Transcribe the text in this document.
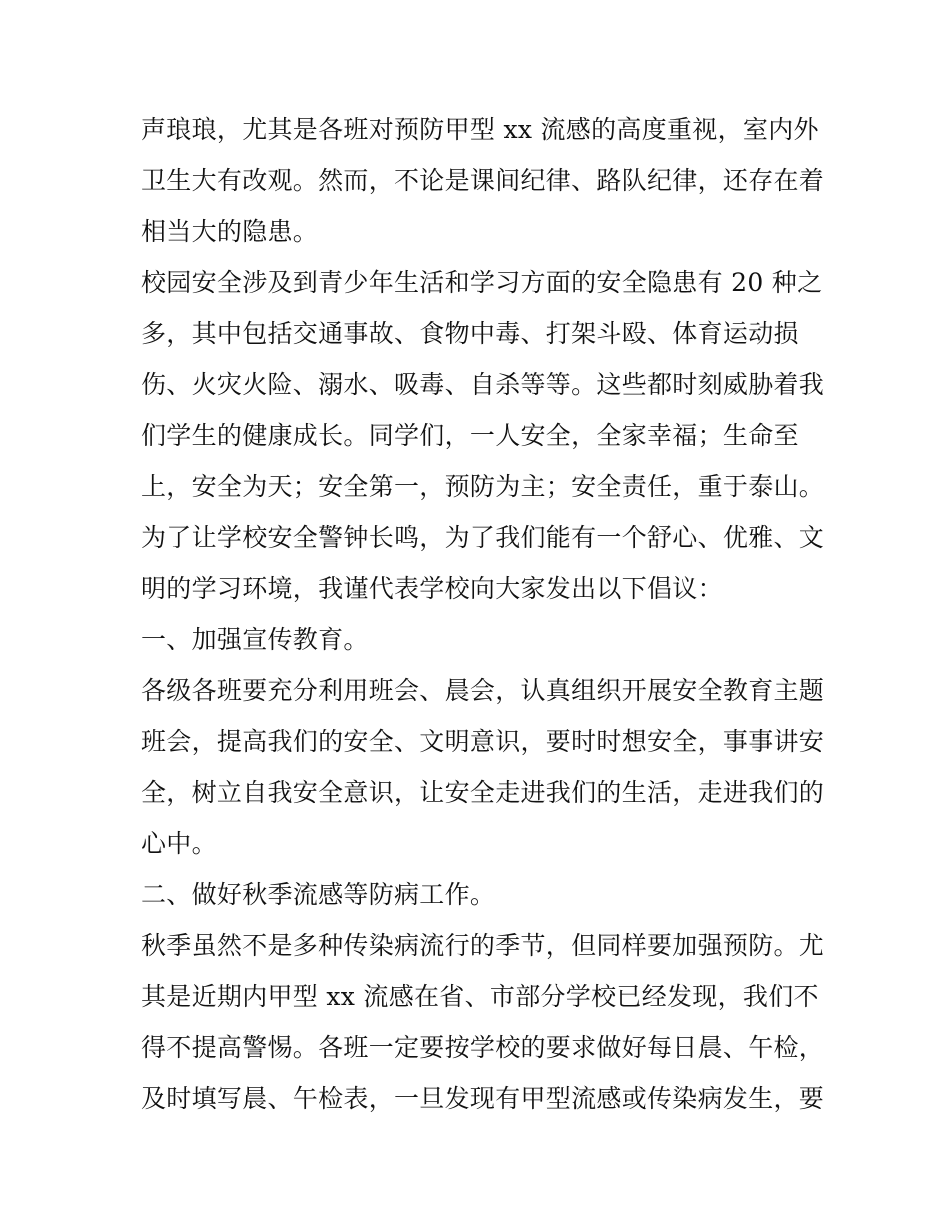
声琅琅，尤其是各班对预防甲型 xx 流感的高度重视，室内外
卫生大有改观。然而，不论是课间纪律、路队纪律，还存在着
相当大的隐患。
校园安全涉及到青少年生活和学习方面的安全隐患有 20 种之
多，其中包括交通事故、食物中毒、打架斗殴、体育运动损
伤、火灾火险、溺水、吸毒、自杀等等。这些都时刻威胁着我
们学生的健康成长。同学们，一人安全，全家幸福；生命至
上，安全为天；安全第一，预防为主；安全责任，重于泰山。
为了让学校安全警钟长鸣，为了我们能有一个舒心、优雅、文
明的学习环境，我谨代表学校向大家发出以下倡议：
一、加强宣传教育。
各级各班要充分利用班会、晨会，认真组织开展安全教育主题
班会，提高我们的安全、文明意识，要时时想安全，事事讲安
全，树立自我安全意识，让安全走进我们的生活，走进我们的
心中。
二、做好秋季流感等防病工作。
秋季虽然不是多种传染病流行的季节，但同样要加强预防。尤
其是近期内甲型 xx 流感在省、市部分学校已经发现，我们不
得不提高警惕。各班一定要按学校的要求做好每日晨、午检，
及时填写晨、午检表，一旦发现有甲型流感或传染病发生，要
